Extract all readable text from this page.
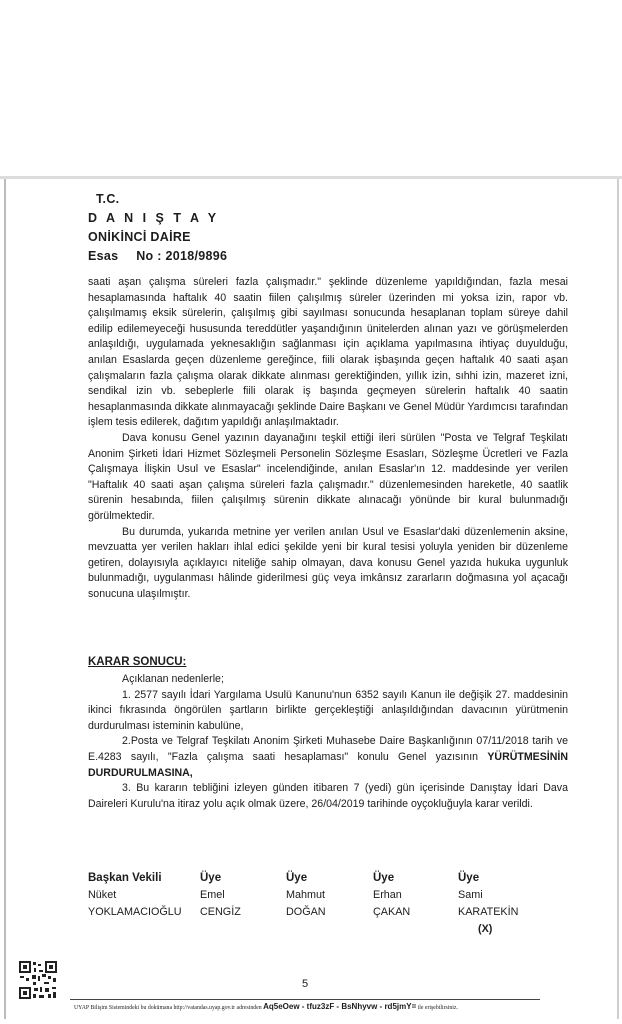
T.C.
D A N I Ş T A Y
ONİKİNCİ DAİRE
Esas No : 2018/9896

saati aşan çalışma süreleri fazla çalışmadır." şeklinde düzenleme yapıldığından, fazla mesai hesaplamasında haftalık 40 saatin fiilen çalışılmış süreler üzerinden mi yoksa izin, rapor vb. çalışılmamış eksik sürelerin, çalışılmış gibi sayılması sonucunda hesaplanan toplam süreye dahil edilip edilemeyeceği hususunda tereddütler yaşandığının ünitelerden alınan yazı ve görüşmelerden anlaşıldığı, uygulamada yeknesaklığın sağlanması için açıklama yapılmasına ihtiyaç duyulduğu, anılan Esaslarda geçen düzenleme gereğince, fiili olarak işbaşında geçen haftalık 40 saati aşan çalışmaların fazla çalışma olarak dikkate alınması gerektiğinden, yıllık izin, sıhhi izin, mazeret izni, sendikal izin vb. sebeplerle fiili olarak iş başında geçmeyen sürelerin haftalık 40 saatin hesaplanmasında dikkate alınmayacağı şeklinde Daire Başkanı ve Genel Müdür Yardımcısı tarafından işlem tesis edilerek, dağıtım yapıldığı anlaşılmaktadır.

Dava konusu Genel yazının dayanağını teşkil ettiği ileri sürülen "Posta ve Telgraf Teşkilatı Anonim Şirketi İdari Hizmet Sözleşmeli Personelin Sözleşme Esasları, Sözleşme Ücretleri ve Fazla Çalışmaya İlişkin Usul ve Esaslar" incelendiğinde, anılan Esaslar'ın 12. maddesinde yer verilen "Haftalık 40 saati aşan çalışma süreleri fazla çalışmadır." düzenlemesinden hareketle, 40 saatlik sürenin hesabında, fiilen çalışılmış sürenin dikkate alınacağı yönünde bir kural bulunmadığı görülmektedir.

Bu durumda, yukarıda metnine yer verilen anılan Usul ve Esaslar'daki düzenlemenin aksine, mevzuatta yer verilen hakları ihlal edici şekilde yeni bir kural tesisi yoluyla yeniden bir düzenleme getiren, dolayısıyla açıklayıcı niteliğe sahip olmayan, dava konusu Genel yazıda hukuka uygunluk bulunmadığı, uygulanması hâlinde giderilmesi güç veya imkânsız zararların doğmasına yol açacağı sonucuna ulaşılmıştır.

KARAR SONUCU:

Açıklanan nedenlerle;

1. 2577 sayılı İdari Yargılama Usulü Kanunu'nun 6352 sayılı Kanun ile değişik 27. maddesinin ikinci fıkrasında öngörülen şartların birlikte gerçekleştiği anlaşıldığından davacının yürütmenin durdurulması isteminin kabulüne,

2.Posta ve Telgraf Teşkilatı Anonim Şirketi Muhasebe Daire Başkanlığının 07/11/2018 tarih ve E.4283 sayılı, "Fazla çalışma saati hesaplaması" konulu Genel yazısının YÜRÜTMESİNİN DURDURULMASINA,

3. Bu kararın tebliğini izleyen günden itibaren 7 (yedi) gün içerisinde Danıştay İdari Dava Daireleri Kurulu'na itiraz yolu açık olmak üzere, 26/04/2019 tarihinde oyçokluğuyla karar verildi.

Başkan Vekili
Nüket
YOKLAMACIOĞLU
Üye
Emel
CENGİZ
Üye
Mahmut
DOĞAN
Üye
Erhan
ÇAKAN
Üye
Sami
KARATEKİN
(X)
5
UYAP Bilişim Sistemindeki bu dokümana http://vatandas.uyap.gov.tr adresinden Aq5eOew - tfuz3zF - BsNhyvw - rd5jmY= ile erişebilirsiniz.
